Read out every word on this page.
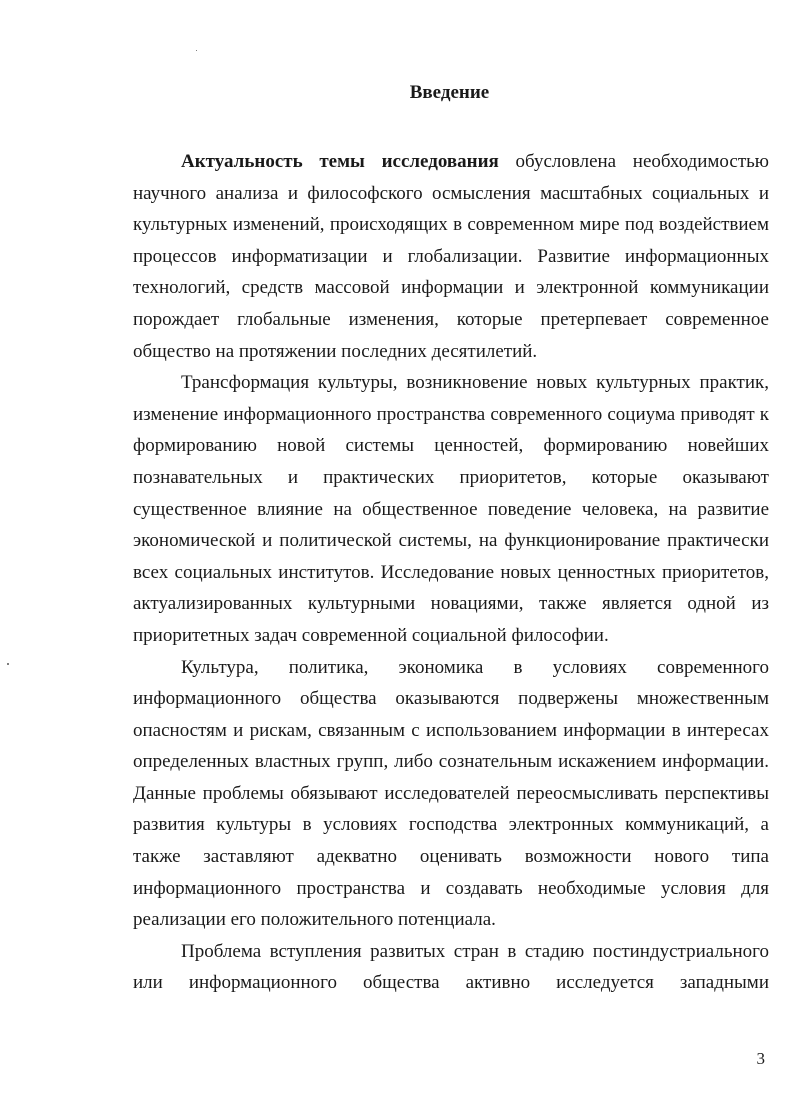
Введение

Актуальность темы исследования обусловлена необходимостью научного анализа и философского осмысления масштабных социальных и культурных изменений, происходящих в современном мире под воздействием процессов информатизации и глобализации. Развитие информационных технологий, средств массовой информации и электронной коммуникации порождает глобальные изменения, которые претерпевает современное общество на протяжении последних десятилетий.

Трансформация культуры, возникновение новых культурных практик, изменение информационного пространства современного социума приводят к формированию новой системы ценностей, формированию новейших познавательных и практических приоритетов, которые оказывают существенное влияние на общественное поведение человека, на развитие экономической и политической системы, на функционирование практически всех социальных институтов. Исследование новых ценностных приоритетов, актуализированных культурными новациями, также является одной из приоритетных задач современной социальной философии.

Культура, политика, экономика в условиях современного информационного общества оказываются подвержены множественным опасностям и рискам, связанным с использованием информации в интересах определенных властных групп, либо сознательным искажением информации. Данные проблемы обязывают исследователей переосмысливать перспективы развития культуры в условиях господства электронных коммуникаций, а также заставляют адекватно оценивать возможности нового типа информационного пространства и создавать необходимые условия для реализации его положительного потенциала.

Проблема вступления развитых стран в стадию постиндустриального или информационного общества активно исследуется западными

3
